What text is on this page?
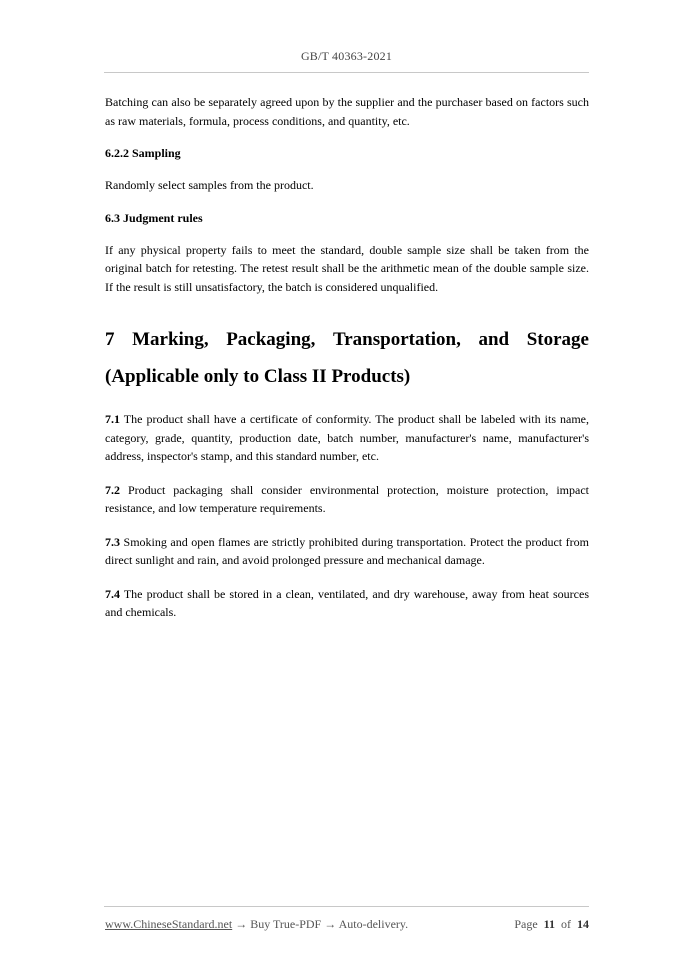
GB/T 40363-2021

Batching can also be separately agreed upon by the supplier and the purchaser based on factors such as raw materials, formula, process conditions, and quantity, etc.

6.2.2 Sampling

Randomly select samples from the product.

6.3 Judgment rules

If any physical property fails to meet the standard, double sample size shall be taken from the original batch for retesting. The retest result shall be the arithmetic mean of the double sample size. If the result is still unsatisfactory, the batch is considered unqualified.

7 Marking, Packaging, Transportation, and Storage
(Applicable only to Class II Products)

7.1 The product shall have a certificate of conformity. The product shall be labeled with its name, category, grade, quantity, production date, batch number, manufacturer's name, manufacturer's address, inspector's stamp, and this standard number, etc.

7.2 Product packaging shall consider environmental protection, moisture protection, impact resistance, and low temperature requirements.

7.3 Smoking and open flames are strictly prohibited during transportation. Protect the product from direct sunlight and rain, and avoid prolonged pressure and mechanical damage.

7.4 The product shall be stored in a clean, ventilated, and dry warehouse, away from heat sources and chemicals.

www.ChineseStandard.net → Buy True-PDF → Auto-delivery.	Page 11 of 14
